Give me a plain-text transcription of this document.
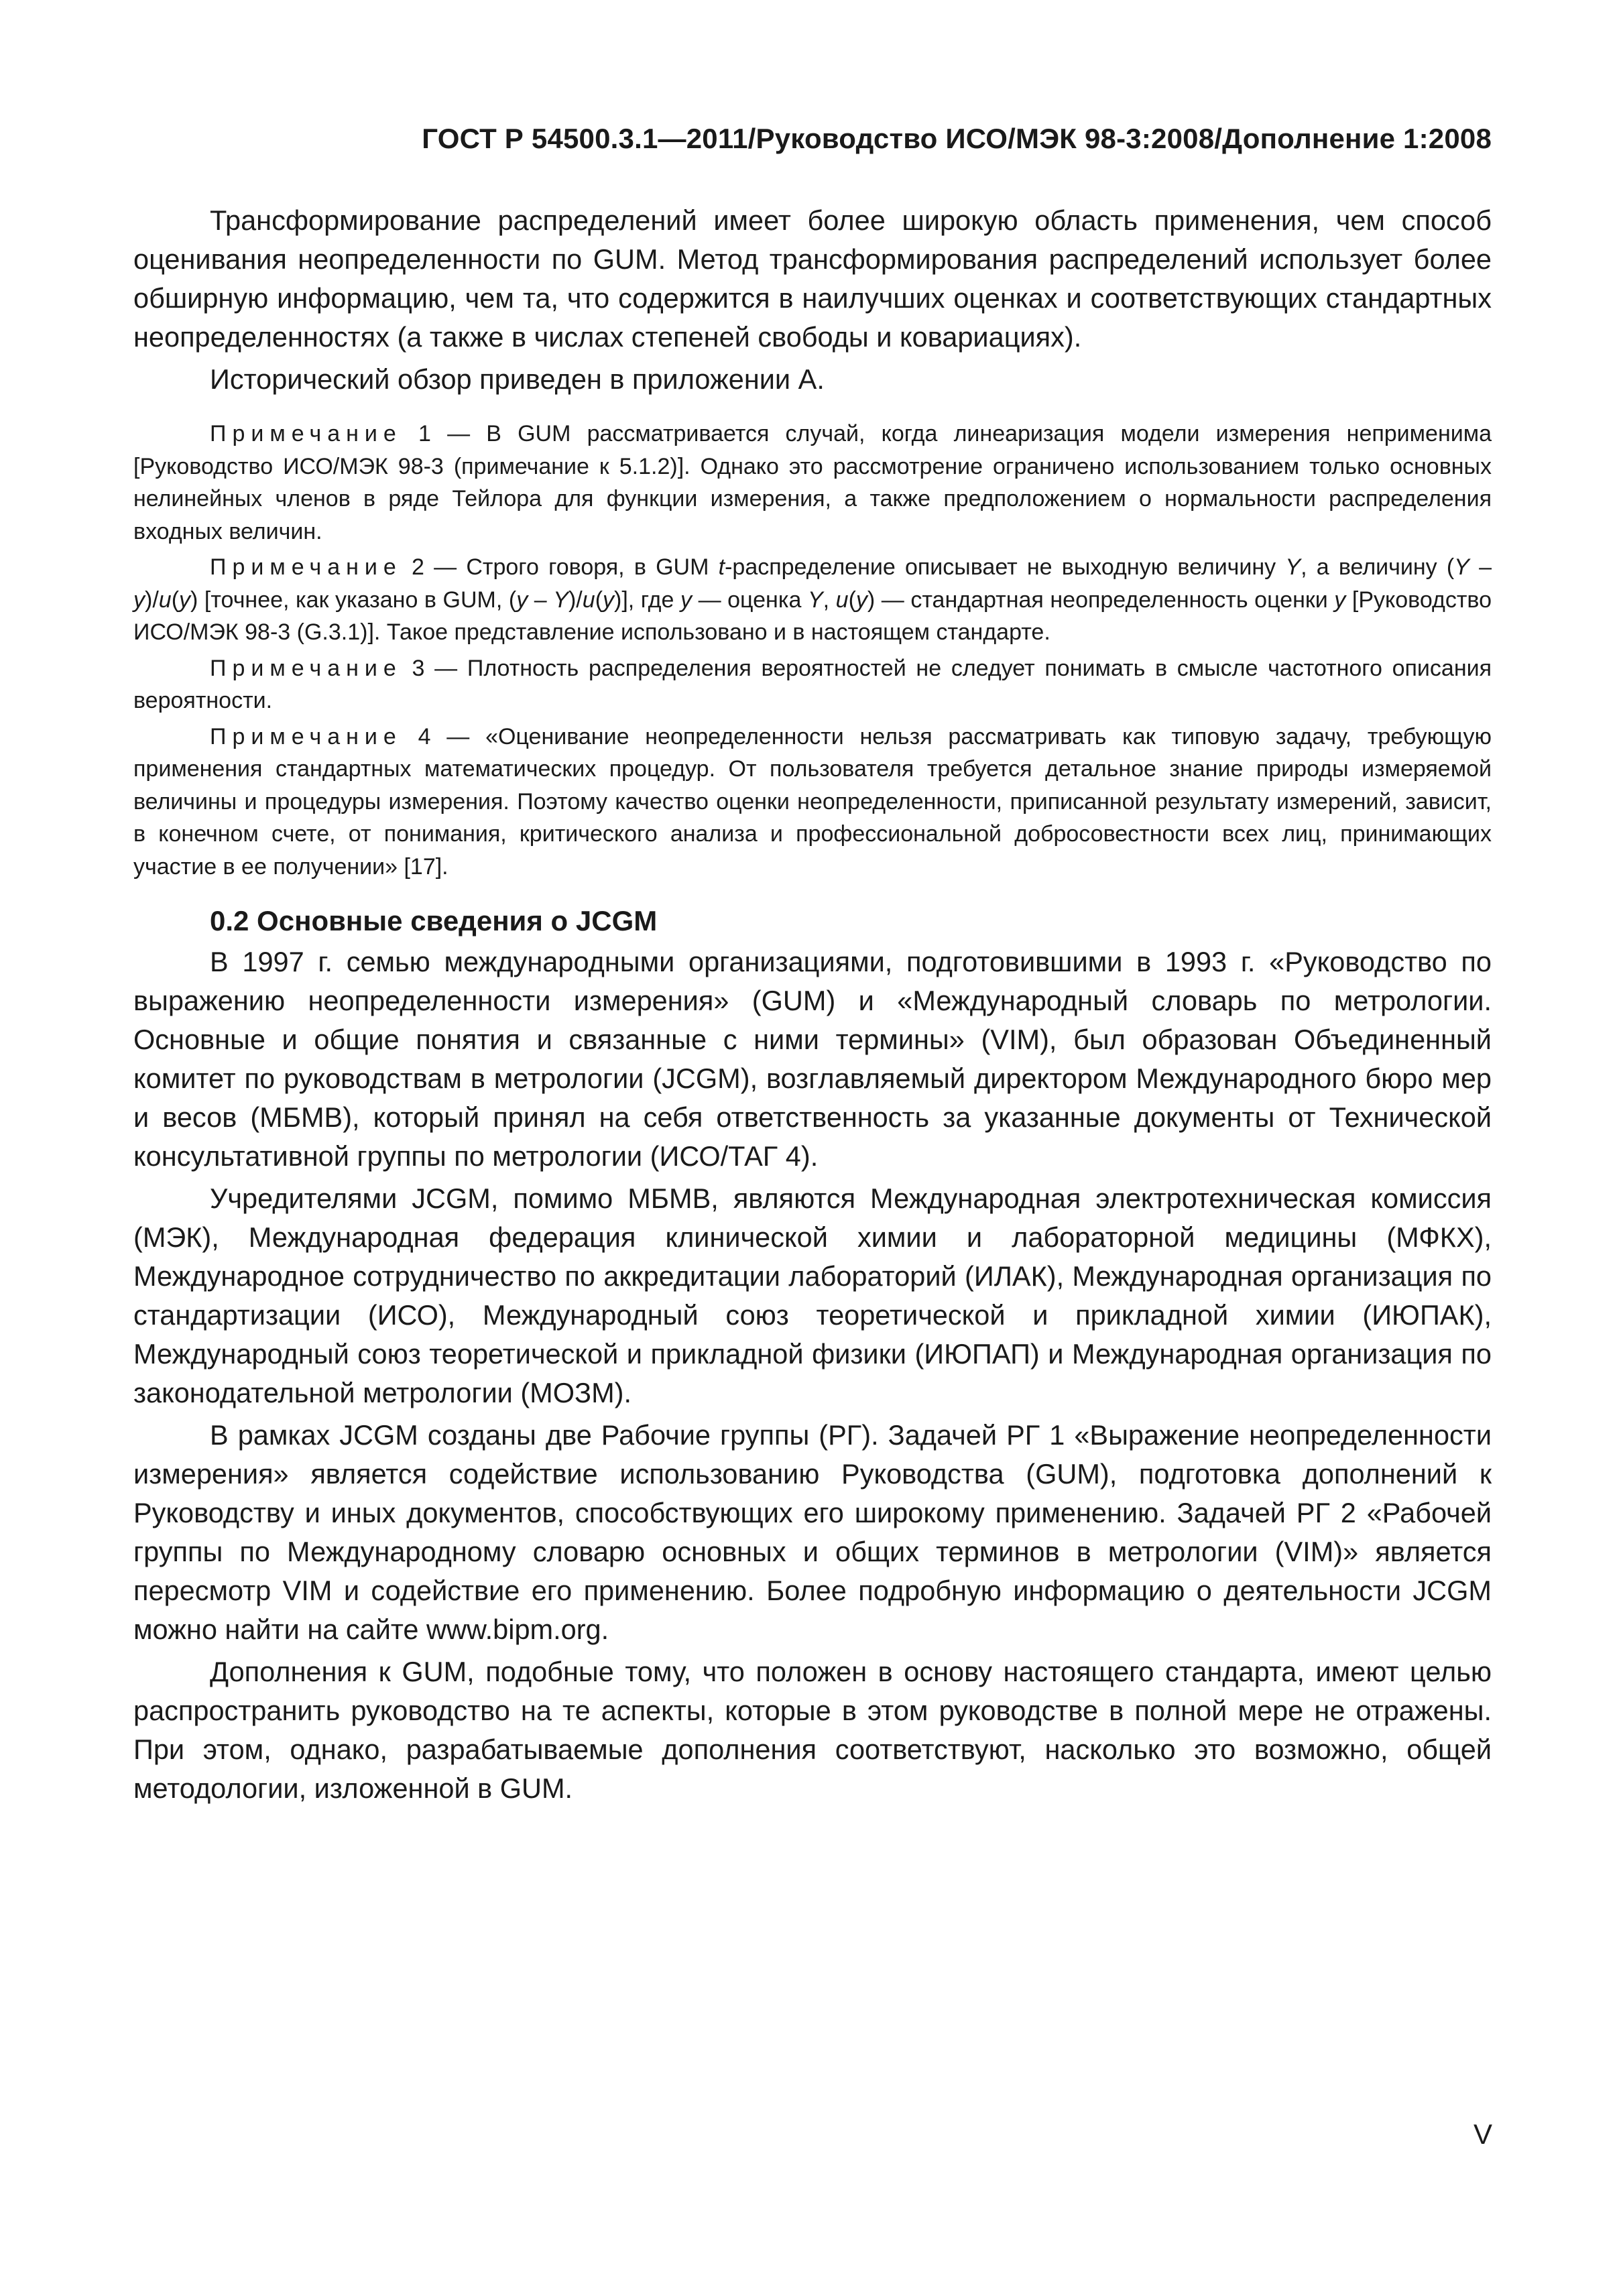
ГОСТ Р 54500.3.1—2011/Руководство ИСО/МЭК 98-3:2008/Дополнение 1:2008

Трансформирование распределений имеет более широкую область применения, чем способ оценивания неопределенности по GUM. Метод трансформирования распределений использует более обширную информацию, чем та, что содержится в наилучших оценках и соответствующих стандартных неопределенностях (а также в числах степеней свободы и ковариациях).

Исторический обзор приведен в приложении А.

Примечание 1 — В GUM рассматривается случай, когда линеаризация модели измерения неприменима [Руководство ИСО/МЭК 98-3 (примечание к 5.1.2)]. Однако это рассмотрение ограничено использованием только основных нелинейных членов в ряде Тейлора для функции измерения, а также предположением о нормальности распределения входных величин.

Примечание 2 — Строго говоря, в GUM t-распределение описывает не выходную величину Y, а величину (Y – y)/u(y) [точнее, как указано в GUM, (y – Y)/u(y)], где y — оценка Y, u(y) — стандартная неопределенность оценки y [Руководство ИСО/МЭК 98-3 (G.3.1)]. Такое представление использовано и в настоящем стандарте.

Примечание 3 — Плотность распределения вероятностей не следует понимать в смысле частотного описания вероятности.

Примечание 4 — «Оценивание неопределенности нельзя рассматривать как типовую задачу, требующую применения стандартных математических процедур. От пользователя требуется детальное знание природы измеряемой величины и процедуры измерения. Поэтому качество оценки неопределенности, приписанной результату измерений, зависит, в конечном счете, от понимания, критического анализа и профессиональной добросовестности всех лиц, принимающих участие в ее получении» [17].

0.2 Основные сведения о JCGM

В 1997 г. семью международными организациями, подготовившими в 1993 г. «Руководство по выражению неопределенности измерения» (GUM) и «Международный словарь по метрологии. Основные и общие понятия и связанные с ними термины» (VIM), был образован Объединенный комитет по руководствам в метрологии (JCGM), возглавляемый директором Международного бюро мер и весов (МБМВ), который принял на себя ответственность за указанные документы от Технической консультативной группы по метрологии (ИСО/ТАГ 4).

Учредителями JCGM, помимо МБМВ, являются Международная электротехническая комиссия (МЭК), Международная федерация клинической химии и лабораторной медицины (МФКХ), Международное сотрудничество по аккредитации лабораторий (ИЛАК), Международная организация по стандартизации (ИСО), Международный союз теоретической и прикладной химии (ИЮПАК), Международный союз теоретической и прикладной физики (ИЮПАП) и Международная организация по законодательной метрологии (МОЗМ).

В рамках JCGM созданы две Рабочие группы (РГ). Задачей РГ 1 «Выражение неопределенности измерения» является содействие использованию Руководства (GUM), подготовка дополнений к Руководству и иных документов, способствующих его широкому применению. Задачей РГ 2 «Рабочей группы по Международному словарю основных и общих терминов в метрологии (VIM)» является пересмотр VIM и содействие его применению. Более подробную информацию о деятельности JCGM можно найти на сайте www.bipm.org.

Дополнения к GUM, подобные тому, что положен в основу настоящего стандарта, имеют целью распространить руководство на те аспекты, которые в этом руководстве в полной мере не отражены. При этом, однако, разрабатываемые дополнения соответствуют, насколько это возможно, общей методологии, изложенной в GUM.

V
